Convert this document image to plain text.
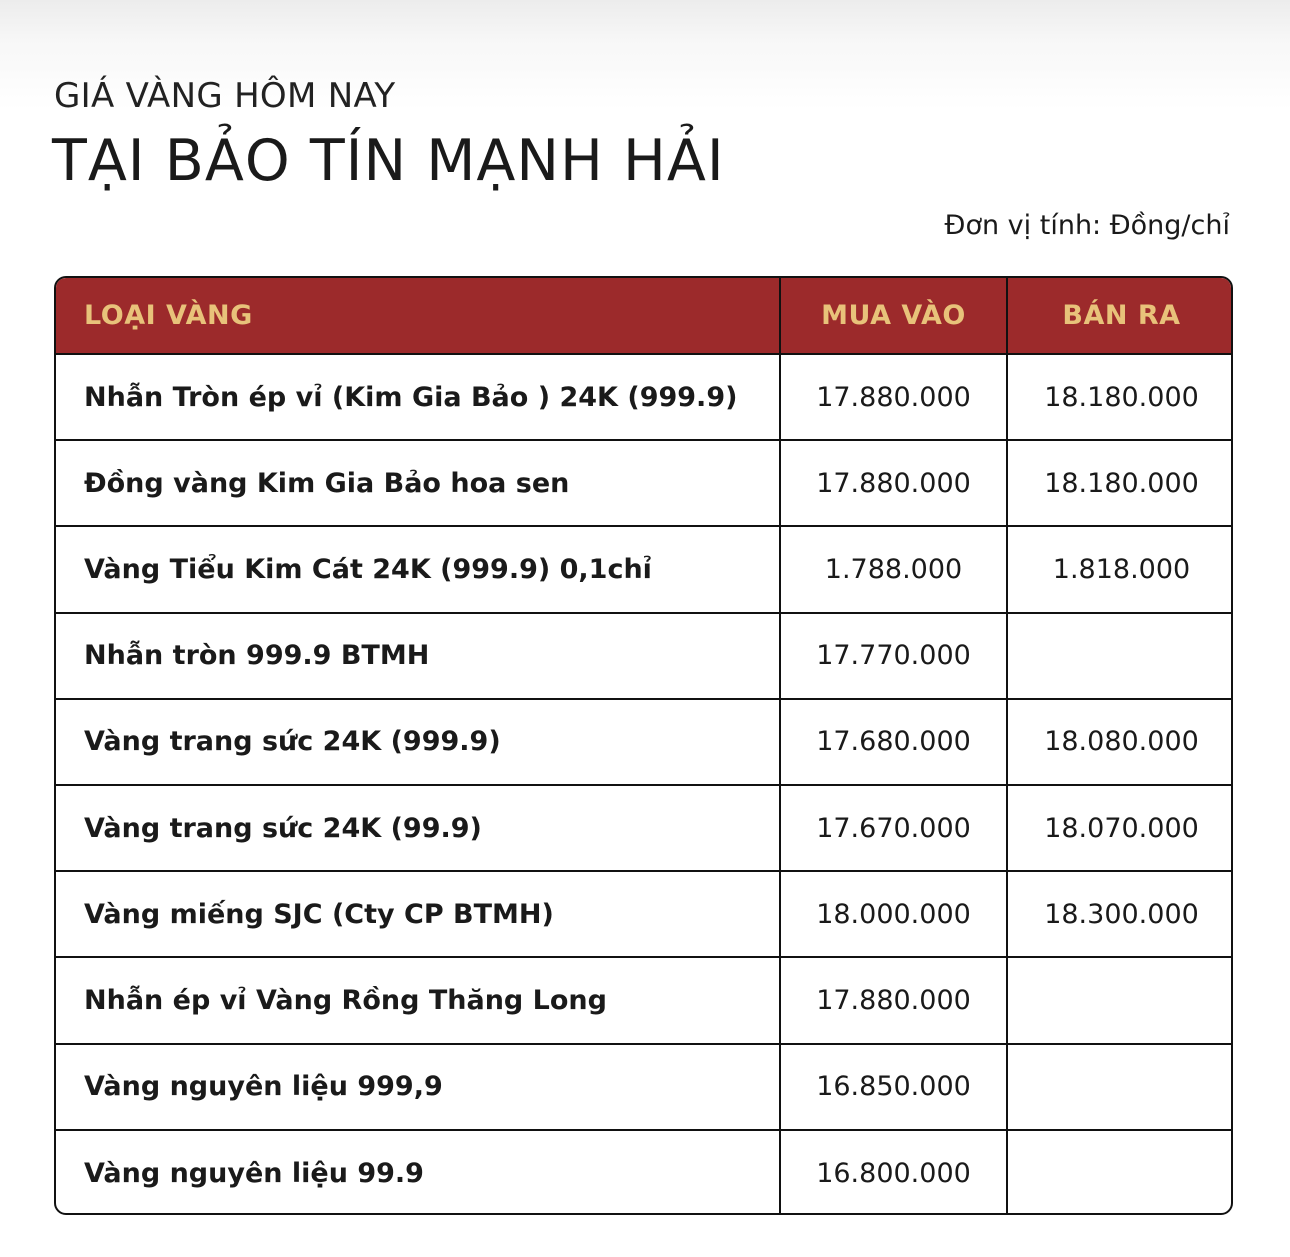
GIÁ VÀNG HÔM NAY
TẠI BẢO TÍN MẠNH HẢI
Đơn vị tính: Đồng/chỉ
LOẠI VÀNG	MUA VÀO	BÁN RA
Nhẫn Tròn ép vỉ (Kim Gia Bảo ) 24K (999.9)	17.880.000	18.180.000
Đồng vàng Kim Gia Bảo hoa sen	17.880.000	18.180.000
Vàng Tiểu Kim Cát 24K (999.9) 0,1chỉ	1.788.000	1.818.000
Nhẫn tròn 999.9 BTMH	17.770.000	
Vàng trang sức 24K (999.9)	17.680.000	18.080.000
Vàng trang sức 24K (99.9)	17.670.000	18.070.000
Vàng miếng SJC (Cty CP BTMH)	18.000.000	18.300.000
Nhẫn ép vỉ Vàng Rồng Thăng Long	17.880.000	
Vàng nguyên liệu 999,9	16.850.000	
Vàng nguyên liệu 99.9	16.800.000	
